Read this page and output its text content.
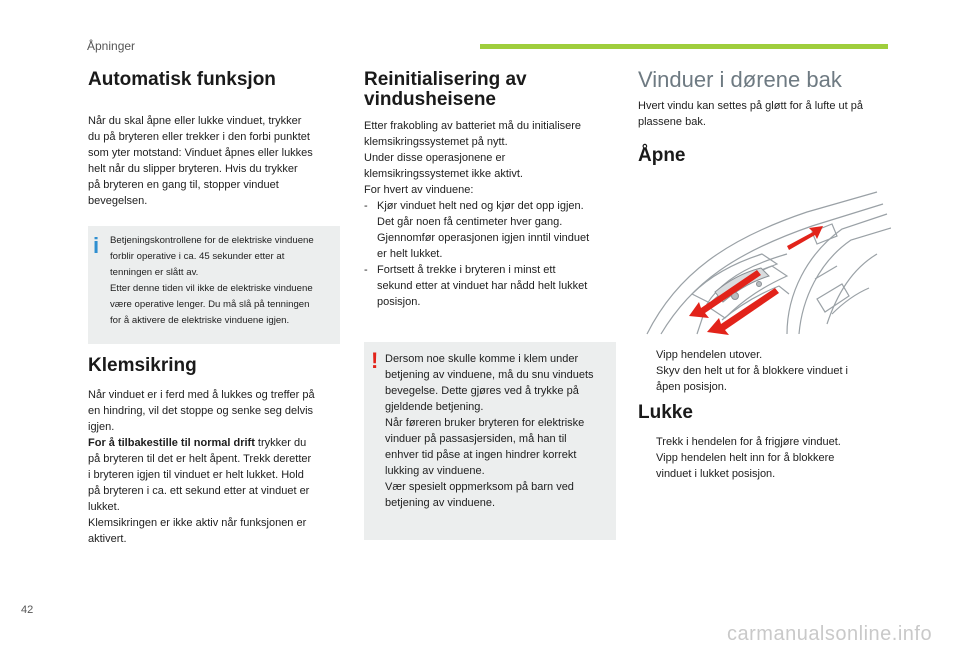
Åpninger
Automatisk funksjon

Når du skal åpne eller lukke vinduet, trykker

du på bryteren eller trekker i den forbi punktet

som yter motstand: Vinduet åpnes eller lukkes

helt når du slipper bryteren. Hvis du trykker

på bryteren en gang til, stopper vinduet

bevegelsen.

i Betjeningskontrollene for de elektriske vinduene

forblir operative i ca. 45 sekunder etter at

tenningen er slått av.

Etter denne tiden vil ikke de elektriske vinduene

være operative lenger. Du må slå på tenningen

for å aktivere de elektriske vinduene igjen.

Klemsikring

Når vinduet er i ferd med å lukkes og treffer på

en hindring, vil det stoppe og senke seg delvis

igjen.

For å tilbakestille til normal drift trykker du

på bryteren til det er helt åpent. Trekk deretter

i bryteren igjen til vinduet er helt lukket. Hold

på bryteren i ca. ett sekund etter at vinduet er

lukket.

Klemsikringen er ikke aktiv når funksjonen er

aktivert.

Reinitialisering av
vindusheisene

Etter frakobling av batteriet må du initialisere

klemsikringssystemet på nytt.

Under disse operasjonene er

klemsikringssystemet ikke aktivt.

For hvert av vinduene:

- Kjør vinduet helt ned og kjør det opp igjen.
Det går noen få centimeter hver gang.
Gjennomfør operasjonen igjen inntil vinduet
er helt lukket.
- Fortsett å trekke i bryteren i minst ett
sekund etter at vinduet har nådd helt lukket
posisjon.
! Dersom noe skulle komme i klem under

betjening av vinduene, må du snu vinduets

bevegelse. Dette gjøres ved å trykke på

gjeldende betjening.

Når føreren bruker bryteren for elektriske

vinduer på passasjersiden, må han til

enhver tid påse at ingen hindrer korrekt

lukking av vinduene.

Vær spesielt oppmerksom på barn ved

betjening av vinduene.

Vinduer i dørene bak

Hvert vindu kan settes på gløtt for å lufte ut på

plassene bak.

Åpne
Vipp hendelen utover.
Skyv den helt ut for å blokkere vinduet i
åpen posisjon.
Lukke
Trekk i hendelen for å frigjøre vinduet.
Vipp hendelen helt inn for å blokkere
vinduet i lukket posisjon.
42
carmanualsonline.info
